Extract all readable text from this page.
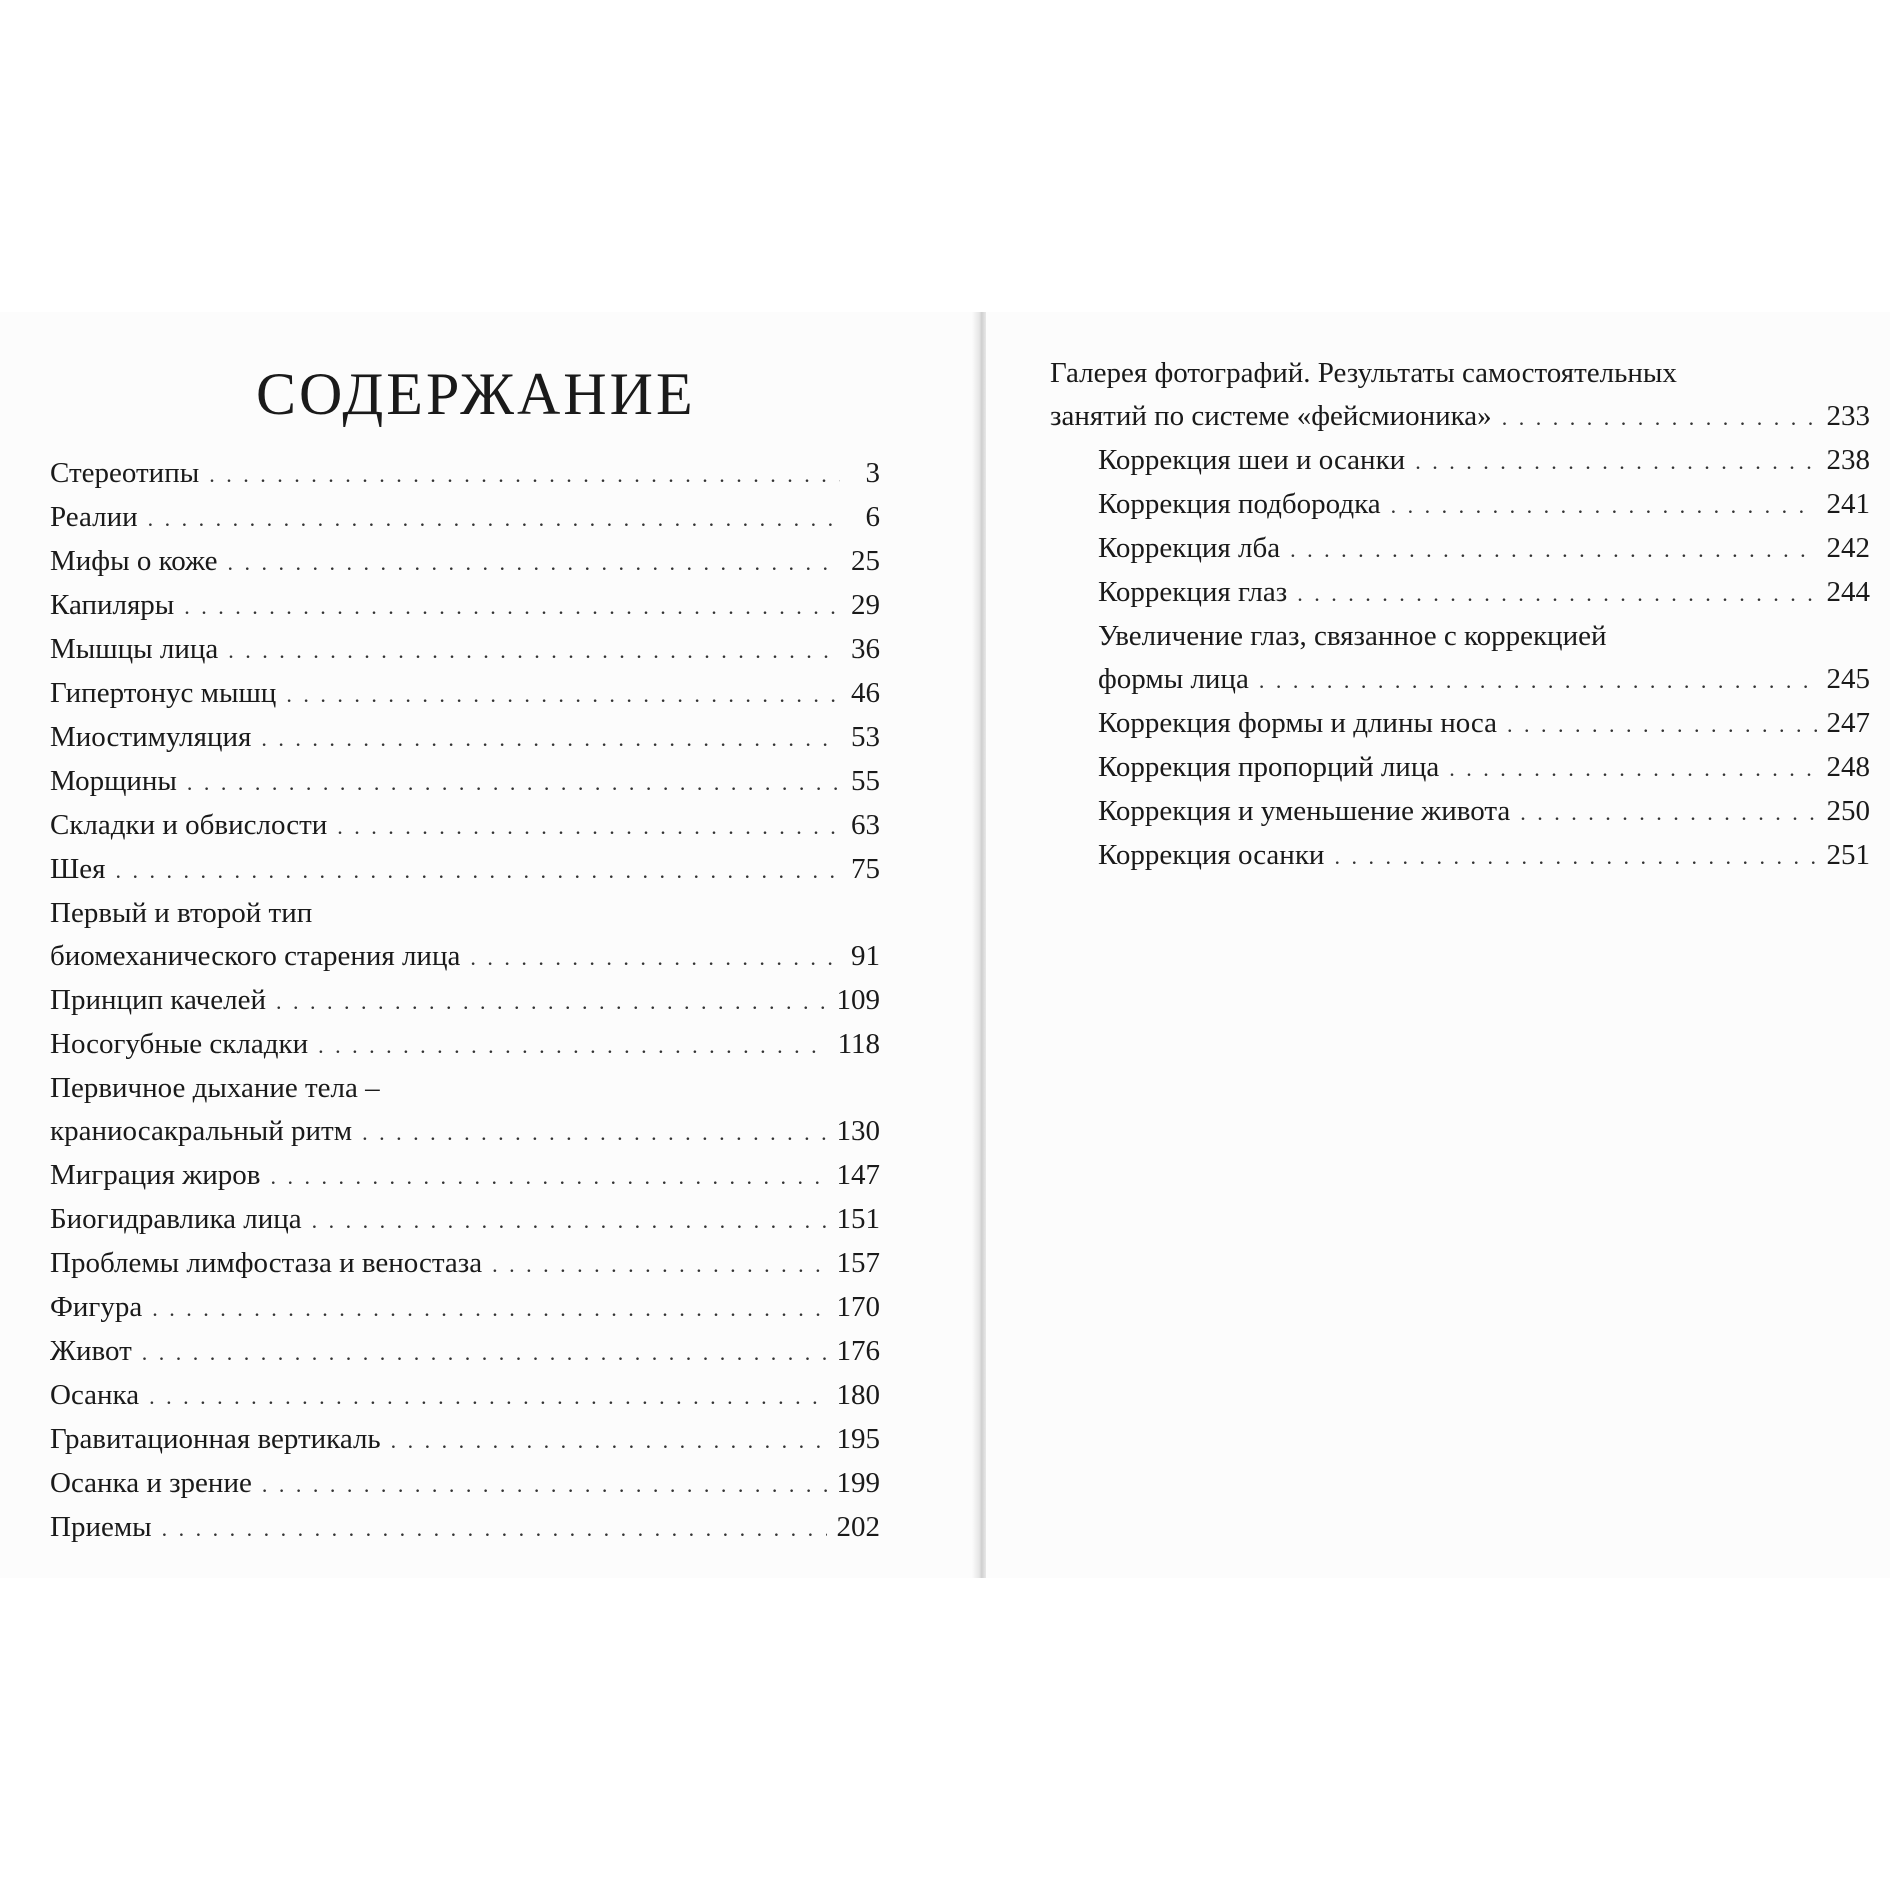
СОДЕРЖАНИЕ
Стереотипы . . .	3
Реалии . . .	6
Мифы о коже . . .	25
Капиляры . . .	29
Мышцы лица . . .	36
Гипертонус мышц . . .	46
Миостимуляция . . .	53
Морщины . . .	55
Складки и обвислости . . .	63
Шея . . .	75
Первый и второй тип
биомеханического старения лица . . .	91
Принцип качелей . . .	109
Носогубные складки . . .	118
Первичное дыхание тела –
краниосакральный ритм . . .	130
Миграция жиров . . .	147
Биогидравлика лица . . .	151
Проблемы лимфостаза и веностаза . . .	157
Фигура . . .	170
Живот . . .	176
Осанка . . .	180
Гравитационная вертикаль . . .	195
Осанка и зрение . . .	199
Приемы . . .	202
Галерея фотографий. Результаты самостоятельных
занятий по системе «фейсмионика» . . .	233
Коррекция шеи и осанки . . .	238
Коррекция подбородка . . .	241
Коррекция лба . . .	242
Коррекция глаз . . .	244
Увеличение глаз, связанное с коррекцией
формы лица . . .	245
Коррекция формы и длины носа . . .	247
Коррекция пропорций лица . . .	248
Коррекция и уменьшение живота . . .	250
Коррекция осанки . . .	251
